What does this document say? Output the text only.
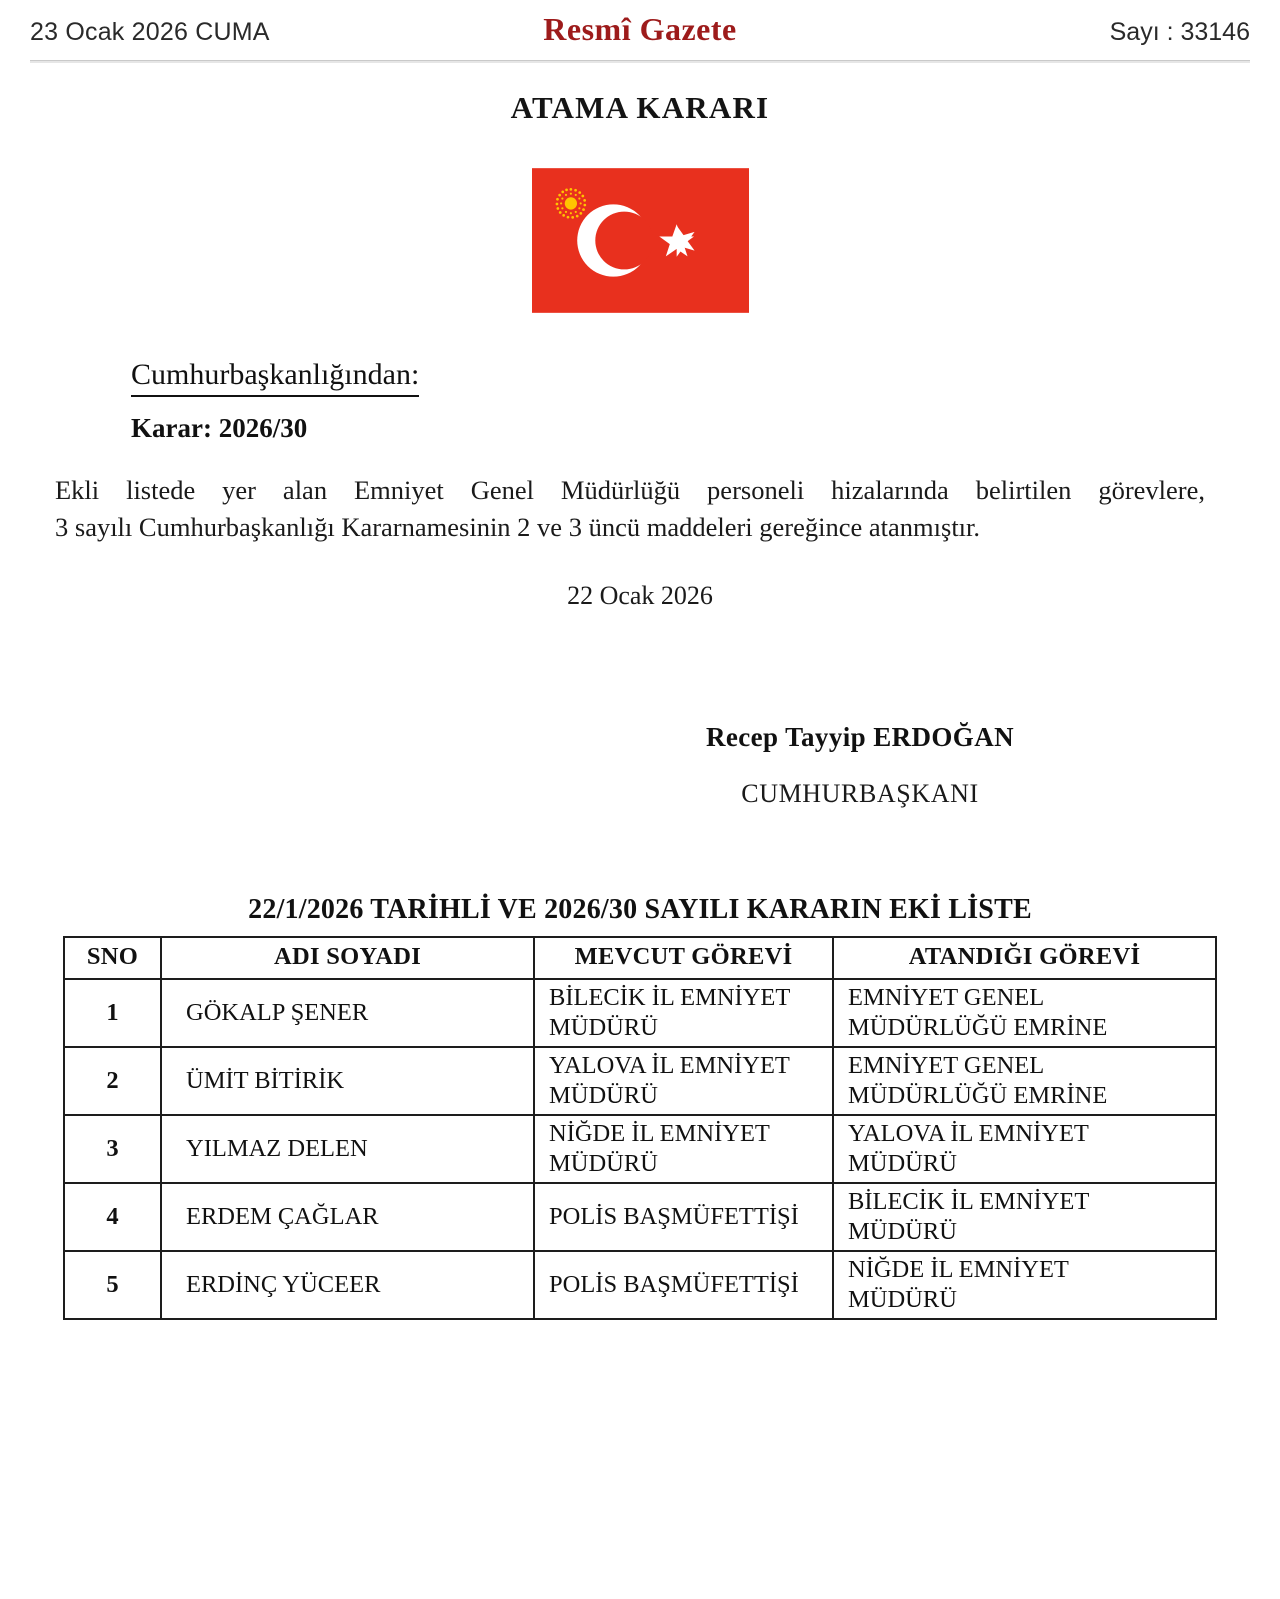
23 Ocak 2026 CUMA	Resmî Gazete	Sayı : 33146
ATAMA KARARI
Cumhurbaşkanlığından:
Karar: 2026/30
Ekli listede yer alan Emniyet Genel Müdürlüğü personeli hizalarında belirtilen görevlere,
3 sayılı Cumhurbaşkanlığı Kararnamesinin 2 ve 3 üncü maddeleri gereğince atanmıştır.
22 Ocak 2026
Recep Tayyip ERDOĞAN
CUMHURBAŞKANI
22/1/2026 TARİHLİ VE 2026/30 SAYILI KARARIN EKİ LİSTE
SNO	ADI SOYADI	MEVCUT GÖREVİ	ATANDIĞI GÖREVİ
1	GÖKALP ŞENER	BİLECİK İL EMNİYET
MÜDÜRÜ	EMNİYET GENEL
MÜDÜRLÜĞÜ EMRİNE

2	ÜMİT BİTİRİK	YALOVA İL EMNİYET
MÜDÜRÜ	EMNİYET GENEL
MÜDÜRLÜĞÜ EMRİNE

3	YILMAZ DELEN	NİĞDE İL EMNİYET
MÜDÜRÜ	YALOVA İL EMNİYET
MÜDÜRÜ

4	ERDEM ÇAĞLAR	POLİS BAŞMÜFETTİŞİ	BİLECİK İL EMNİYET
MÜDÜRÜ

5	ERDİNÇ YÜCEER	POLİS BAŞMÜFETTİŞİ	NİĞDE İL EMNİYET
MÜDÜRÜ
